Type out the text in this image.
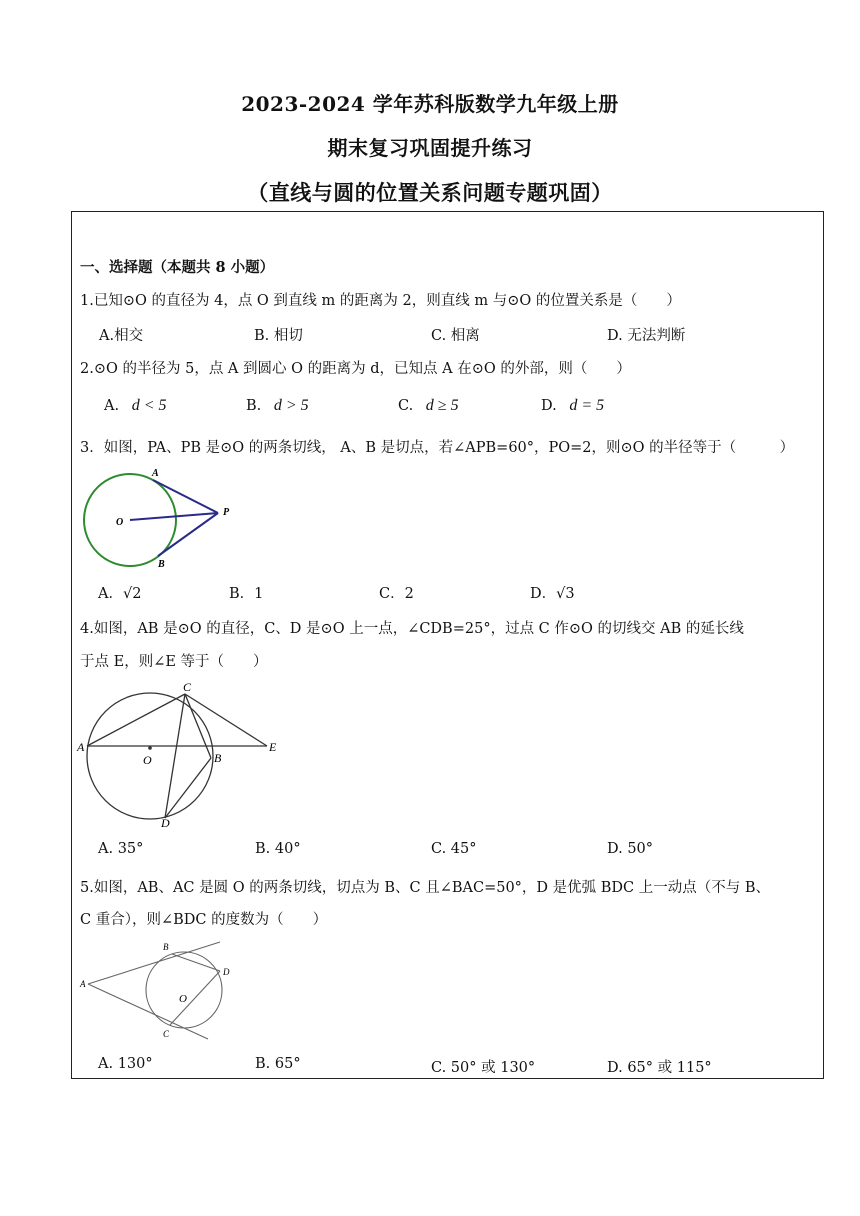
2023-2024 学年苏科版数学九年级上册
期末复习巩固提升练习
（直线与圆的位置关系问题专题巩固）
一、选择题（本题共 8 小题）
1.已知⊙O 的直径为 4，点 O 到直线 m 的距离为 2，则直线 m 与⊙O 的位置关系是（　　）
A.相交	B. 相切	C. 相离	D. 无法判断
2.⊙O 的半径为 5，点 A 到圆心 O 的距离为 d，已知点 A 在⊙O 的外部，则（　　）
A. d < 5	B. d > 5	C. d ≥ 5	D. d = 5
3．如图，PA、PB 是⊙O 的两条切线， A、B 是切点，若∠APB=60°，PO=2，则⊙O 的半径等于（　　　）
A
O
P
B
A．√2	B．1	C．2	D．√3
4.如图，AB 是⊙O 的直径，C、D 是⊙O 上一点，∠CDB=25°，过点 C 作⊙O 的切线交 AB 的延长线
于点 E，则∠E 等于（　　）
A
O
C
B
E
D
A. 35°	B. 40°	C. 45°	D. 50°
5.如图，AB、AC 是圆 O 的两条切线，切点为 B、C 且∠BAC=50°，D 是优弧 BDC 上一动点（不与 B、
C 重合），则∠BDC 的度数为（　　）
B
A
O
D
C
A. 130°	B. 65°	C. 50° 或 130°	D. 65° 或 115°
